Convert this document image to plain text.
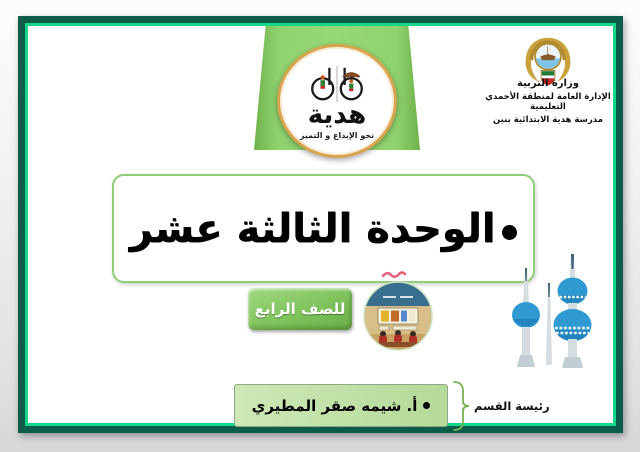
هدية
نحو الإبداع و التميز
وزارة التربية
الإدارة العامة لمنطقة الأحمدي التعليمية
مدرسة هدية الابتدائية بنين
الوحدة الثالثة عشر
للصف الرابع
أ. شيمه صقر المطيري	رئيسة القسم
